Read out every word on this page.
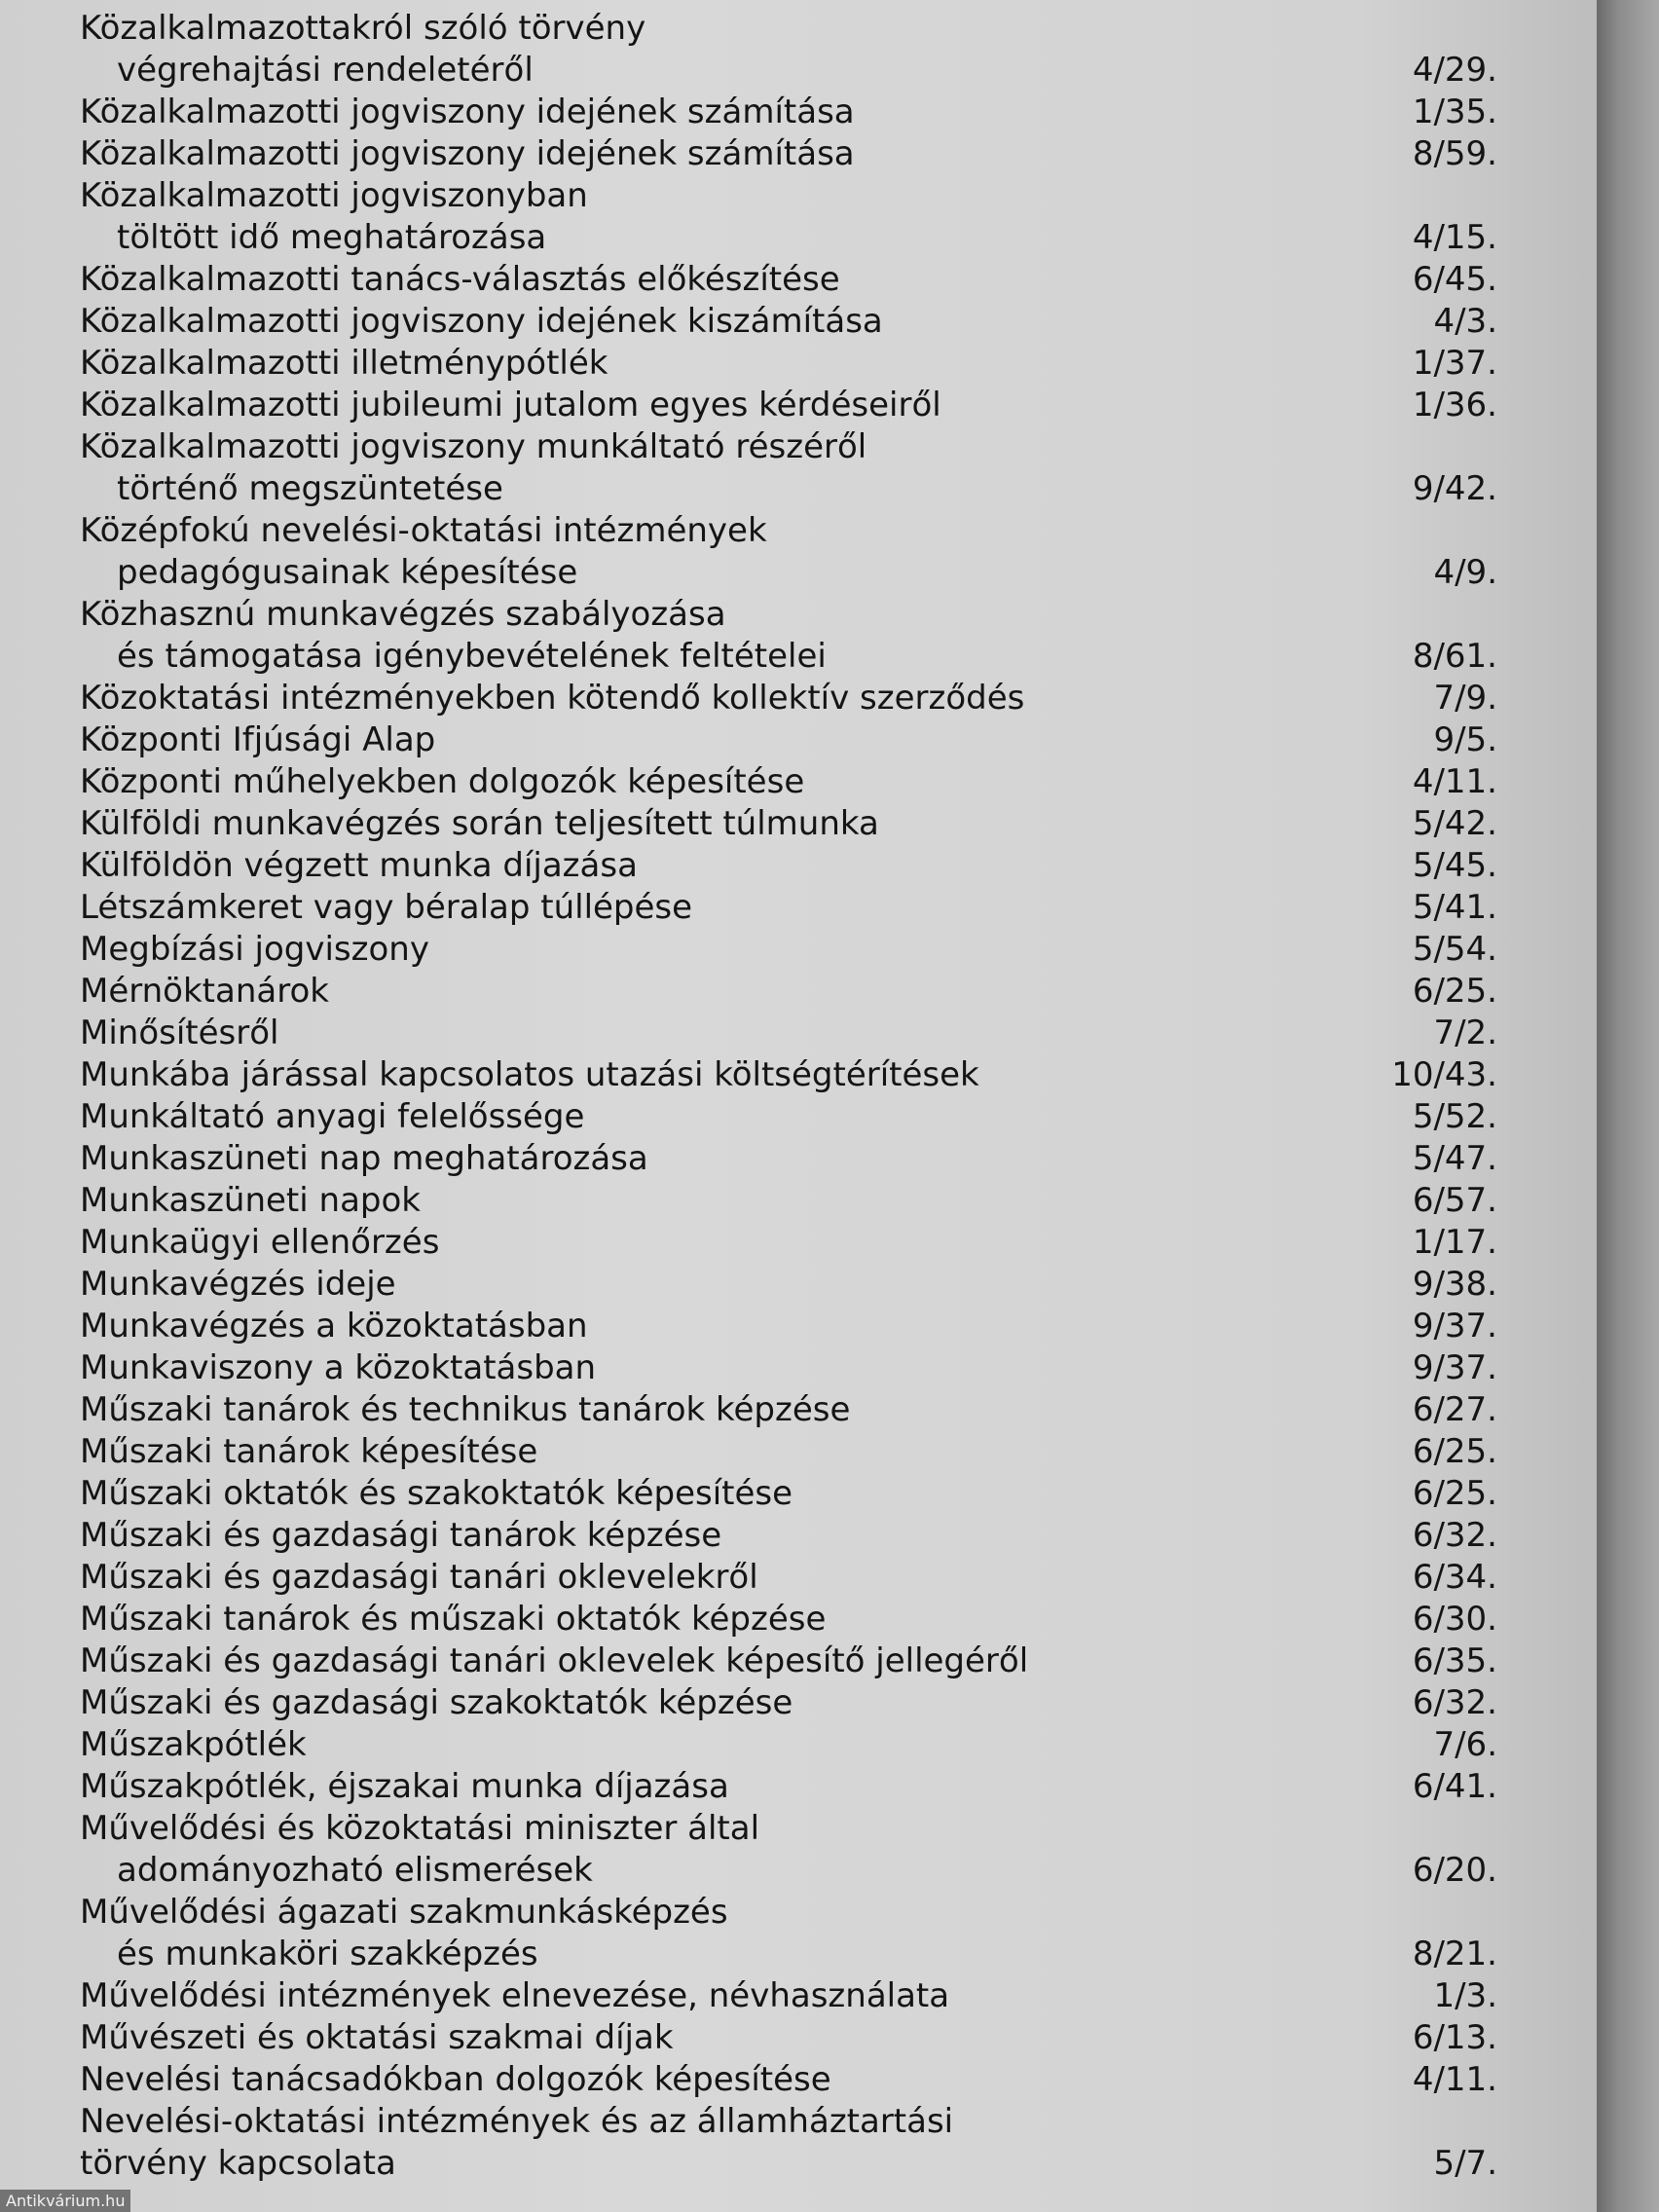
Közalkalmazottakról szóló törvény
végrehajtási rendeletéről	4/29.
Közalkalmazotti jogviszony idejének számítása	1/35.
Közalkalmazotti jogviszony idejének számítása	8/59.
Közalkalmazotti jogviszonyban
töltött idő meghatározása	4/15.
Közalkalmazotti tanács-választás előkészítése	6/45.
Közalkalmazotti jogviszony idejének kiszámítása	4/3.
Közalkalmazotti illetménypótlék	1/37.
Közalkalmazotti jubileumi jutalom egyes kérdéseiről	1/36.
Közalkalmazotti jogviszony munkáltató részéről
történő megszüntetése	9/42.
Középfokú nevelési-oktatási intézmények
pedagógusainak képesítése	4/9.
Közhasznú munkavégzés szabályozása
és támogatása igénybevételének feltételei	8/61.
Közoktatási intézményekben kötendő kollektív szerződés	7/9.
Központi Ifjúsági Alap	9/5.
Központi műhelyekben dolgozók képesítése	4/11.
Külföldi munkavégzés során teljesített túlmunka	5/42.
Külföldön végzett munka díjazása	5/45.
Létszámkeret vagy béralap túllépése	5/41.
Megbízási jogviszony	5/54.
Mérnöktanárok	6/25.
Minősítésről	7/2.
Munkába járással kapcsolatos utazási költségtérítések	10/43.
Munkáltató anyagi felelőssége	5/52.
Munkaszüneti nap meghatározása	5/47.
Munkaszüneti napok	6/57.
Munkaügyi ellenőrzés	1/17.
Munkavégzés ideje	9/38.
Munkavégzés a közoktatásban	9/37.
Munkaviszony a közoktatásban	9/37.
Műszaki tanárok és technikus tanárok képzése	6/27.
Műszaki tanárok képesítése	6/25.
Műszaki oktatók és szakoktatók képesítése	6/25.
Műszaki és gazdasági tanárok képzése	6/32.
Műszaki és gazdasági tanári oklevelekről	6/34.
Műszaki tanárok és műszaki oktatók képzése	6/30.
Műszaki és gazdasági tanári oklevelek képesítő jellegéről	6/35.
Műszaki és gazdasági szakoktatók képzése	6/32.
Műszakpótlék	7/6.
Műszakpótlék, éjszakai munka díjazása	6/41.
Művelődési és közoktatási miniszter által
adományozható elismerések	6/20.
Művelődési ágazati szakmunkásképzés
és munkaköri szakképzés	8/21.
Művelődési intézmények elnevezése, névhasználata	1/3.
Művészeti és oktatási szakmai díjak	6/13.
Nevelési tanácsadókban dolgozók képesítése	4/11.
Nevelési-oktatási intézmények és az államháztartási
törvény kapcsolata	5/7.
Antikvárium.hu
